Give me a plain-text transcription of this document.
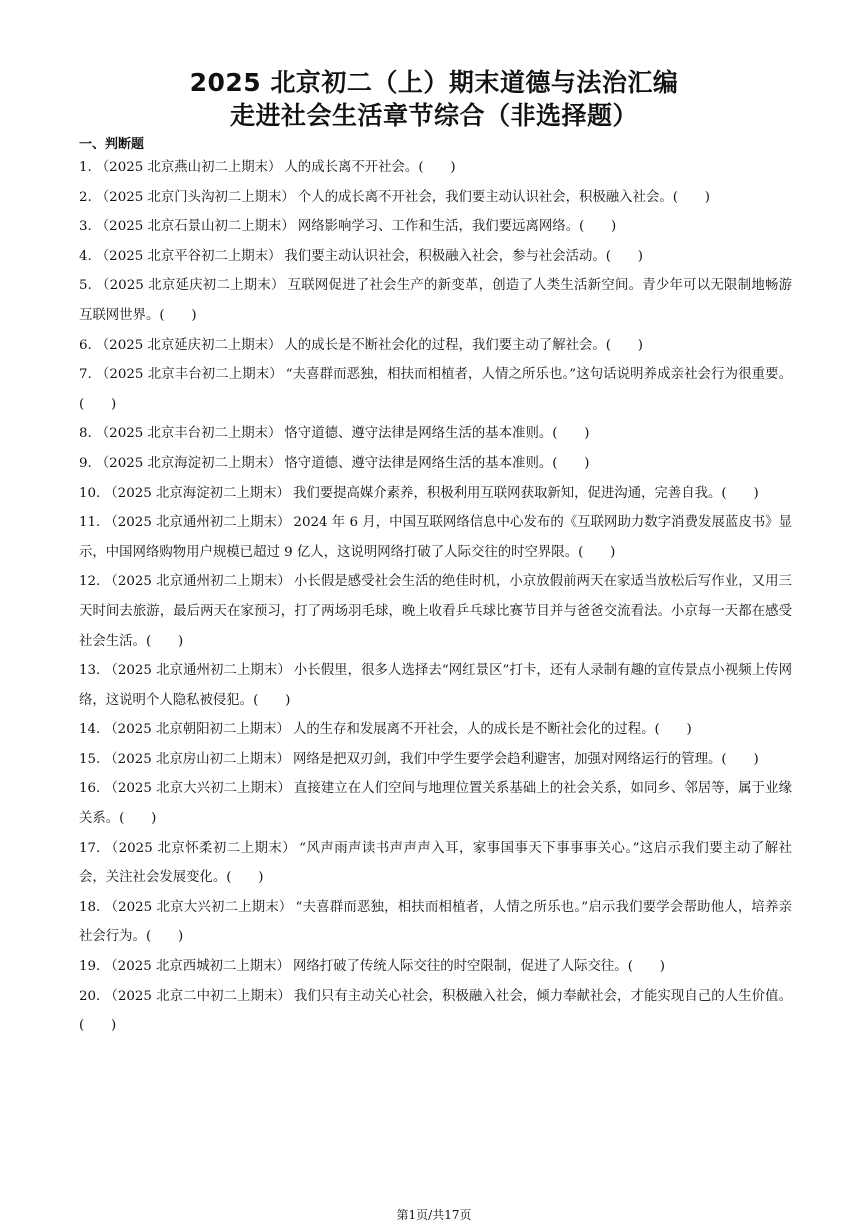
2025 北京初二（上）期末道德与法治汇编
走进社会生活章节综合（非选择题）
一、判断题

1. （2025 北京燕山初二上期末） 人的成长离不开社会。(　　)

2. （2025 北京门头沟初二上期末） 个人的成长离不开社会，我们要主动认识社会，积极融入社会。(　　)

3. （2025 北京石景山初二上期末） 网络影响学习、工作和生活，我们要远离网络。(　　)

4. （2025 北京平谷初二上期末） 我们要主动认识社会，积极融入社会，参与社会活动。(　　)

5. （2025 北京延庆初二上期末） 互联网促进了社会生产的新变革，创造了人类生活新空间。青少年可以无限制地畅游互联网世界。(　　)

6. （2025 北京延庆初二上期末） 人的成长是不断社会化的过程，我们要主动了解社会。(　　)

7. （2025 北京丰台初二上期末） “夫喜群而恶独，相扶而相植者，人情之所乐也。”这句话说明养成亲社会行为很重要。(　　)

8. （2025 北京丰台初二上期末） 恪守道德、遵守法律是网络生活的基本准则。(　　)

9. （2025 北京海淀初二上期末） 恪守道德、遵守法律是网络生活的基本准则。(　　)

10. （2025 北京海淀初二上期末） 我们要提高媒介素养，积极利用互联网获取新知，促进沟通，完善自我。(　　)

11. （2025 北京通州初二上期末） 2024 年 6 月，中国互联网络信息中心发布的《互联网助力数字消费发展蓝皮书》显示，中国网络购物用户规模已超过 9 亿人，这说明网络打破了人际交往的时空界限。(　　)

12. （2025 北京通州初二上期末） 小长假是感受社会生活的绝佳时机，小京放假前两天在家适当放松后写作业，又用三天时间去旅游，最后两天在家预习，打了两场羽毛球，晚上收看乒乓球比赛节目并与爸爸交流看法。小京每一天都在感受社会生活。(　　)

13. （2025 北京通州初二上期末） 小长假里，很多人选择去“网红景区”打卡，还有人录制有趣的宣传景点小视频上传网络，这说明个人隐私被侵犯。(　　)

14. （2025 北京朝阳初二上期末） 人的生存和发展离不开社会，人的成长是不断社会化的过程。(　　)

15. （2025 北京房山初二上期末） 网络是把双刃剑，我们中学生要学会趋利避害，加强对网络运行的管理。(　　)

16. （2025 北京大兴初二上期末） 直接建立在人们空间与地理位置关系基础上的社会关系，如同乡、邻居等，属于业缘关系。(　　)

17. （2025 北京怀柔初二上期末） “风声雨声读书声声声入耳，家事国事天下事事事关心。”这启示我们要主动了解社会，关注社会发展变化。(　　)

18. （2025 北京大兴初二上期末） “夫喜群而恶独，相扶而相植者，人情之所乐也。”启示我们要学会帮助他人，培养亲社会行为。(　　)

19. （2025 北京西城初二上期末） 网络打破了传统人际交往的时空限制，促进了人际交往。(　　)

20. （2025 北京二中初二上期末） 我们只有主动关心社会，积极融入社会，倾力奉献社会，才能实现自己的人生价值。(　　)

第1页/共17页
